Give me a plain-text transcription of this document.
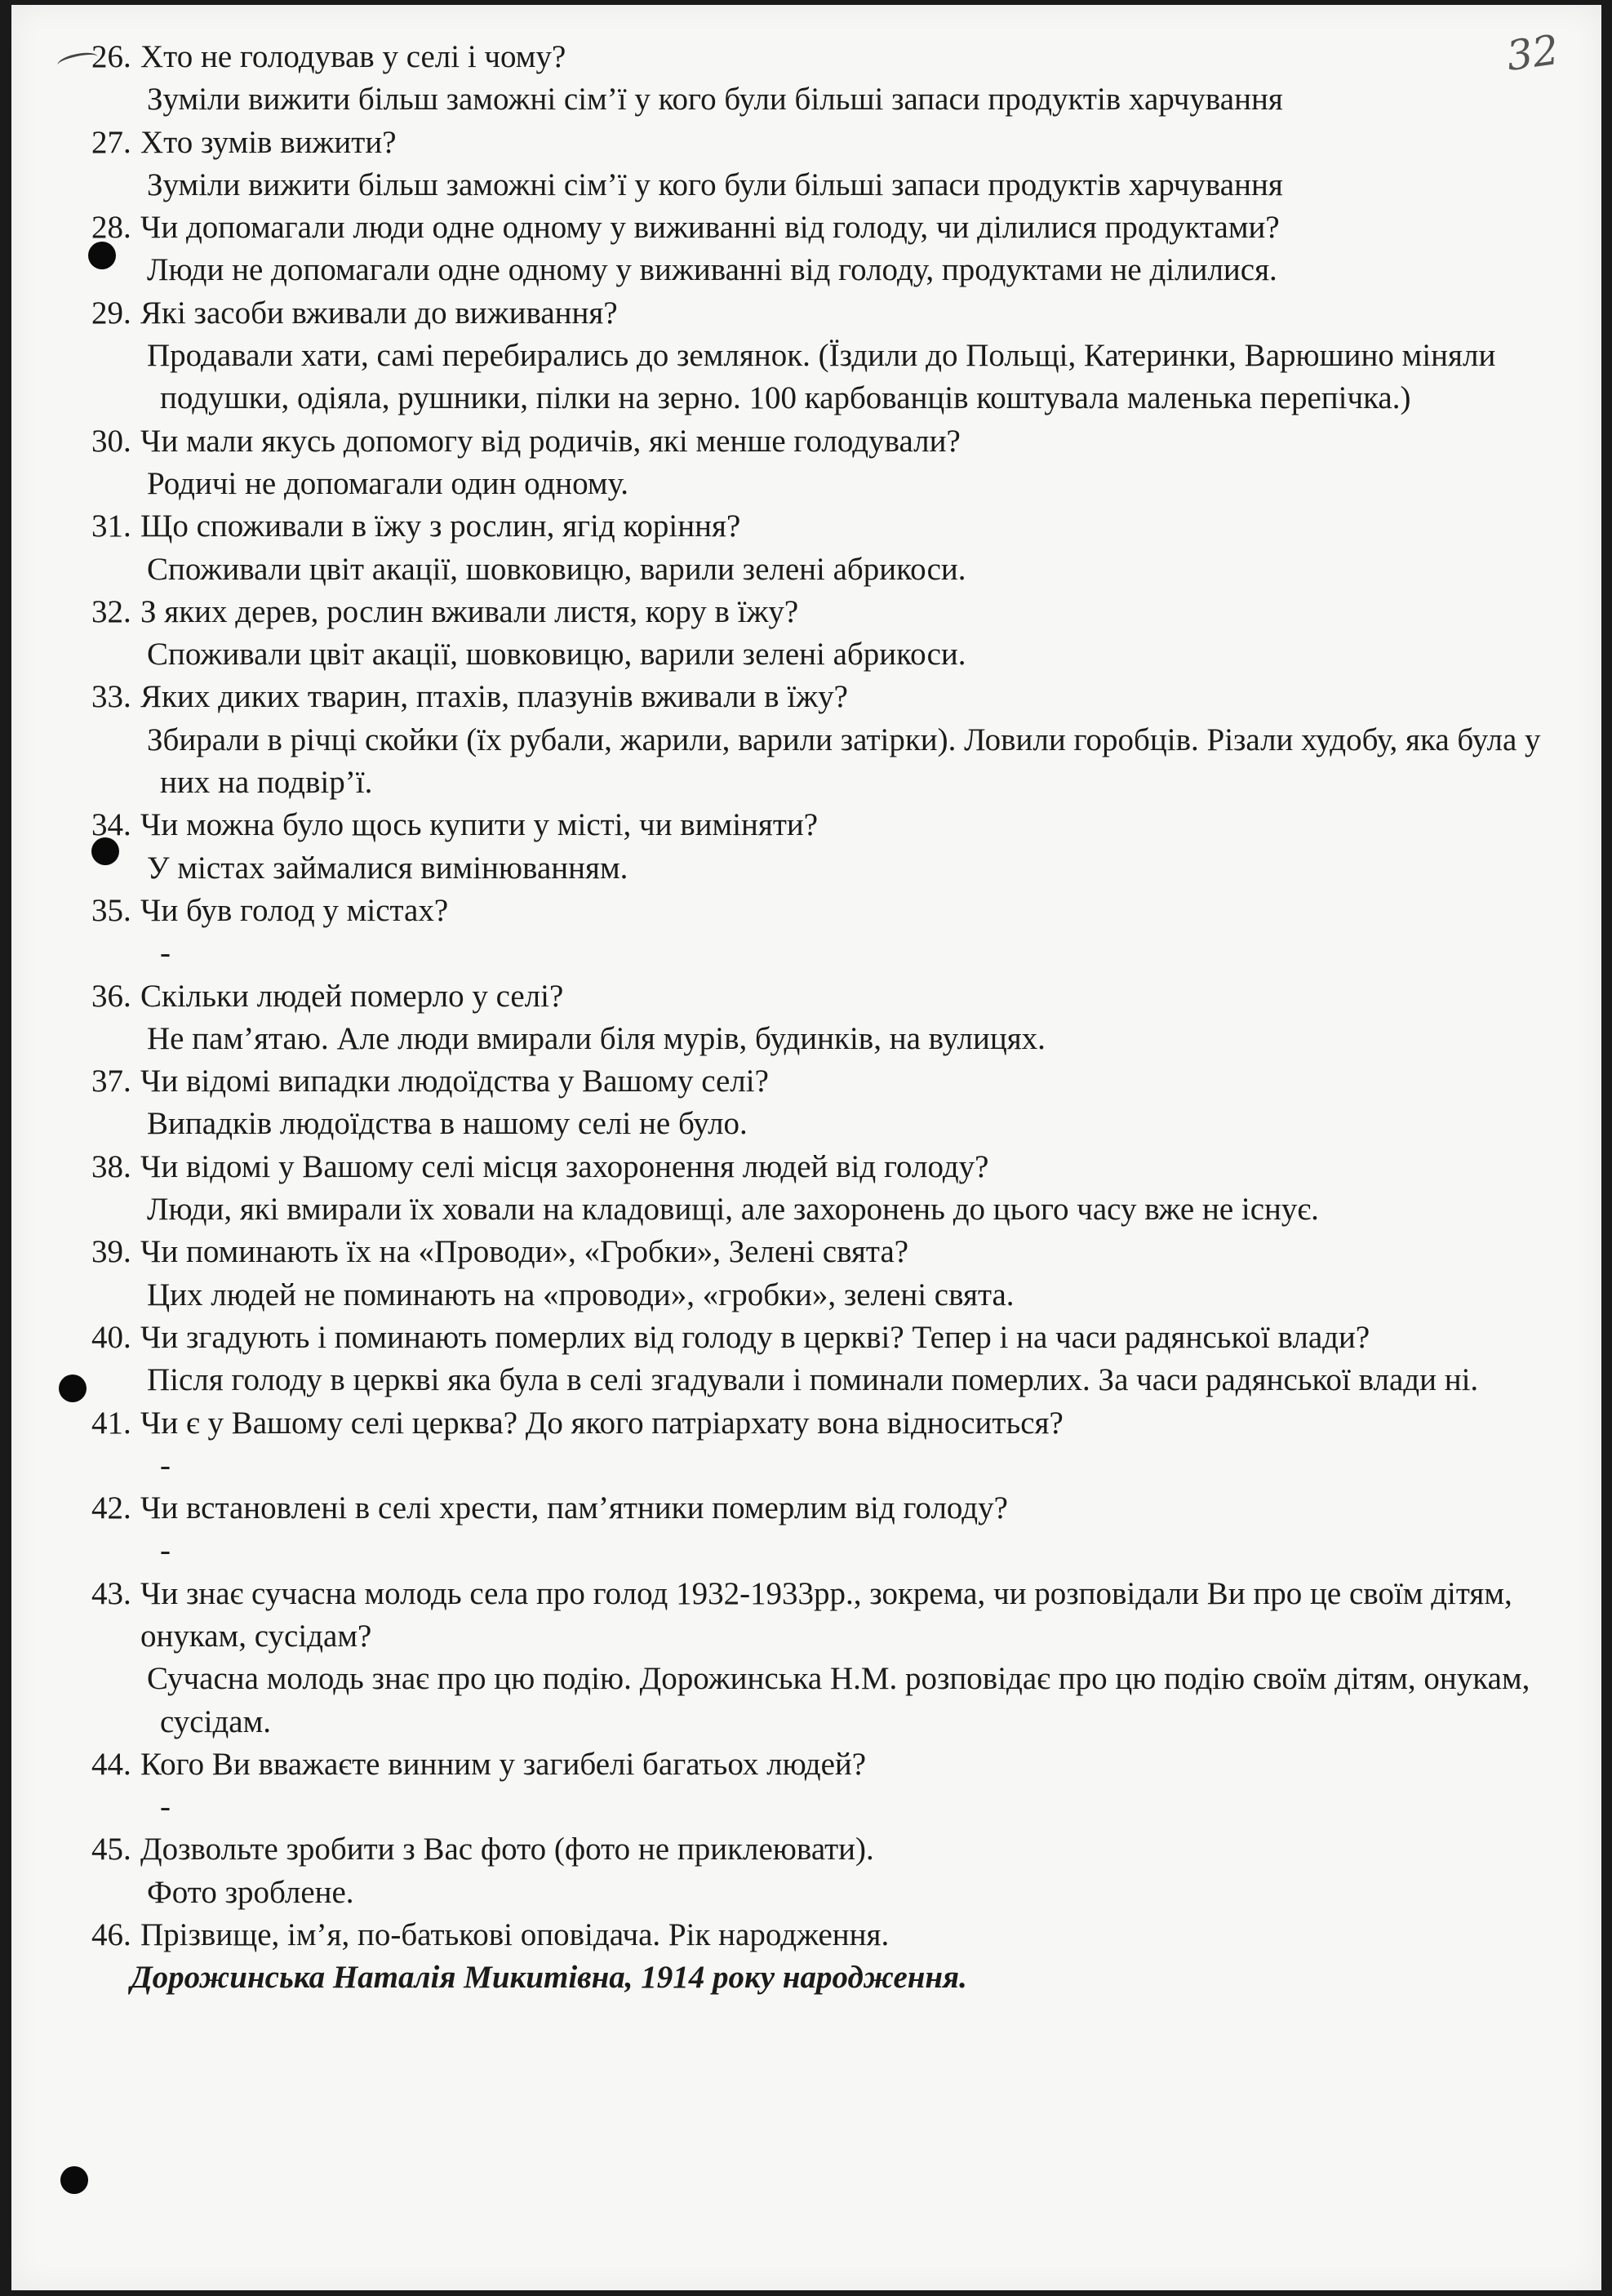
32
26. Хто не голодував у селі і чому?
Зуміли вижити більш заможні сім’ї у кого були більші запаси продуктів харчування
27. Хто зумів вижити?
Зуміли вижити більш заможні сім’ї у кого були більші запаси продуктів харчування
28. Чи допомагали люди одне одному у виживанні від голоду, чи ділилися продуктами?
Люди не допомагали одне одному у виживанні від голоду, продуктами не ділилися.
29. Які засоби вживали до виживання?
Продавали хати, самі перебирались до землянок. (Їздили до Польщі, Катеринки, Варюшино міняли подушки, одіяла, рушники, пілки на зерно. 100 карбованців коштувала маленька перепічка.)
30. Чи мали якусь допомогу від родичів, які менше голодували?
Родичі не допомагали один одному.
31. Що споживали в їжу з рослин, ягід коріння?
Споживали цвіт акації, шовковицю, варили зелені абрикоси.
32. З яких дерев, рослин вживали листя, кору в їжу?
Споживали цвіт акації, шовковицю, варили зелені абрикоси.
33. Яких диких тварин, птахів, плазунів вживали в їжу?
Збирали в річці скойки (їх рубали, жарили, варили затірки). Ловили горобців. Різали худобу, яка була у них на подвір’ї.
34. Чи можна було щось купити у місті, чи виміняти?
У містах займалися вимінюванням.
35. Чи був голод у містах?
-
36. Скільки людей померло у селі?
Не пам’ятаю. Але люди вмирали біля мурів, будинків, на вулицях.
37. Чи відомі випадки людоїдства у Вашому селі?
Випадків людоїдства в нашому селі не було.
38. Чи відомі у Вашому селі місця захоронення людей від голоду?
Люди, які вмирали їх ховали на кладовищі, але захоронень до цього часу вже не існує.
39. Чи поминають їх на «Проводи», «Гробки», Зелені свята?
Цих людей не поминають на «проводи», «гробки», зелені свята.
40. Чи згадують і поминають померлих від голоду в церкві? Тепер і на часи радянської влади?
Після голоду в церкві яка була в селі згадували і поминали померлих. За часи радянської влади ні.
41. Чи є у Вашому селі церква? До якого патріархату вона відноситься?
-
42. Чи встановлені в селі хрести, пам’ятники померлим від голоду?
-
43. Чи знає сучасна молодь села про голод 1932-1933рр., зокрема, чи розповідали Ви про це своїм дітям, онукам, сусідам?
Сучасна молодь знає про цю подію. Дорожинська Н.М. розповідає про цю подію своїм дітям, онукам, сусідам.
44. Кого Ви вважаєте винним у загибелі багатьох людей?
-
45. Дозвольте зробити з Вас фото (фото не приклеювати).
Фото зроблене.
46. Прізвище, ім’я, по-батькові оповідача. Рік народження.
Дорожинська Наталія Микитівна, 1914 року народження.
